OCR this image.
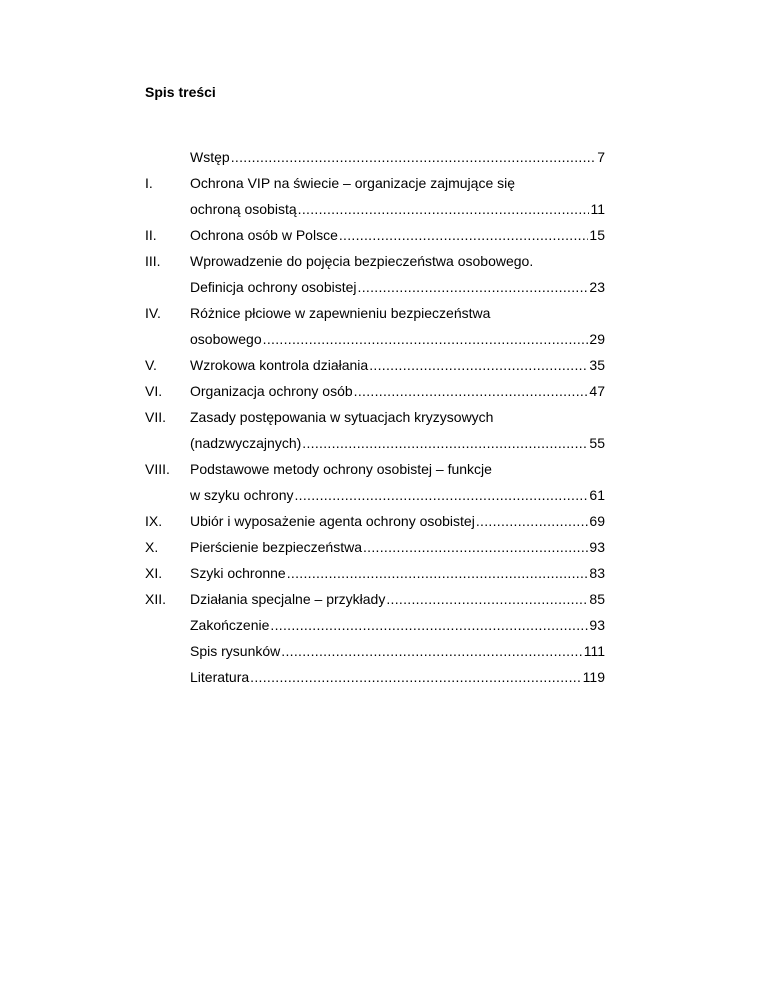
Spis treści
Wstęp .....	7
I.	Ochrona VIP na świecie – organizacje zajmujące się
ochroną osobistą .....	11
II.	Ochrona osób w Polsce .....	15
III.	Wprowadzenie do pojęcia bezpieczeństwa osobowego.
Definicja ochrony osobistej .....	23
IV.	Różnice płciowe w zapewnieniu bezpieczeństwa
osobowego .....	29
V.	Wzrokowa kontrola działania .....	35
VI.	Organizacja ochrony osób .....	47
VII.	Zasady postępowania w sytuacjach kryzysowych
(nadzwyczajnych) .....	55
VIII.	Podstawowe metody ochrony osobistej – funkcje
w szyku ochrony .....	61
IX.	Ubiór i wyposażenie agenta ochrony osobistej .....	69
X.	Pierścienie bezpieczeństwa .....	93
XI.	Szyki ochronne .....	83
XII.	Działania specjalne – przykłady .....	85
Zakończenie .....	93
Spis rysunków .....	111
Literatura .....	119
